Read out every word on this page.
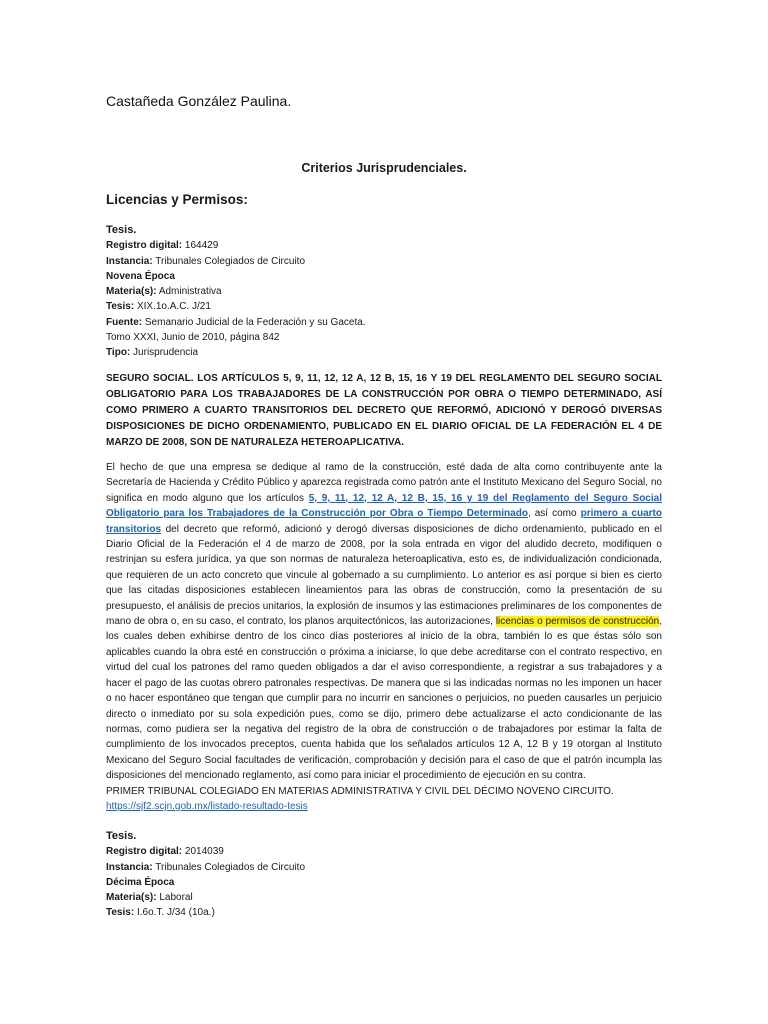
Castañeda González Paulina.
Criterios Jurisprudenciales.
Licencias y Permisos:
Tesis.
Registro digital: 164429
Instancia: Tribunales Colegiados de Circuito
Novena Época
Materia(s): Administrativa
Tesis: XIX.1o.A.C. J/21
Fuente: Semanario Judicial de la Federación y su Gaceta.
Tomo XXXI, Junio de 2010, página 842
Tipo: Jurisprudencia
SEGURO SOCIAL. LOS ARTÍCULOS 5, 9, 11, 12, 12 A, 12 B, 15, 16 Y 19 DEL REGLAMENTO DEL SEGURO SOCIAL OBLIGATORIO PARA LOS TRABAJADORES DE LA CONSTRUCCIÓN POR OBRA O TIEMPO DETERMINADO, ASÍ COMO PRIMERO A CUARTO TRANSITORIOS DEL DECRETO QUE REFORMÓ, ADICIONÓ Y DEROGÓ DIVERSAS DISPOSICIONES DE DICHO ORDENAMIENTO, PUBLICADO EN EL DIARIO OFICIAL DE LA FEDERACIÓN EL 4 DE MARZO DE 2008, SON DE NATURALEZA HETEROAPLICATIVA.
El hecho de que una empresa se dedique al ramo de la construcción, esté dada de alta como contribuyente ante la Secretaría de Hacienda y Crédito Público y aparezca registrada como patrón ante el Instituto Mexicano del Seguro Social, no significa en modo alguno que los artículos 5, 9, 11, 12, 12 A, 12 B, 15, 16 y 19 del Reglamento del Seguro Social Obligatorio para los Trabajadores de la Construcción por Obra o Tiempo Determinado, así como primero a cuarto transitorios del decreto que reformó, adicionó y derogó diversas disposiciones de dicho ordenamiento, publicado en el Diario Oficial de la Federación el 4 de marzo de 2008, por la sola entrada en vigor del aludido decreto, modifiquen o restrinjan su esfera jurídica, ya que son normas de naturaleza heteroaplicativa, esto es, de individualización condicionada, que requieren de un acto concreto que vincule al gobernado a su cumplimiento. Lo anterior es así porque si bien es cierto que las citadas disposiciones establecen lineamientos para las obras de construcción, como la presentación de su presupuesto, el análisis de precios unitarios, la explosión de insumos y las estimaciones preliminares de los componentes de mano de obra o, en su caso, el contrato, los planos arquitectónicos, las autorizaciones, licencias o permisos de construcción, los cuales deben exhibirse dentro de los cinco días posteriores al inicio de la obra, también lo es que éstas sólo son aplicables cuando la obra esté en construcción o próxima a iniciarse, lo que debe acreditarse con el contrato respectivo, en virtud del cual los patrones del ramo queden obligados a dar el aviso correspondiente, a registrar a sus trabajadores y a hacer el pago de las cuotas obrero patronales respectivas. De manera que si las indicadas normas no les imponen un hacer o no hacer espontáneo que tengan que cumplir para no incurrir en sanciones o perjuicios, no pueden causarles un perjuicio directo o inmediato por su sola expedición pues, como se dijo, primero debe actualizarse el acto condicionante de las normas, como pudiera ser la negativa del registro de la obra de construcción o de trabajadores por estimar la falta de cumplimiento de los invocados preceptos, cuenta habida que los señalados artículos 12 A, 12 B y 19 otorgan al Instituto Mexicano del Seguro Social facultades de verificación, comprobación y decisión para el caso de que el patrón incumpla las disposiciones del mencionado reglamento, así como para iniciar el procedimiento de ejecución en su contra.
PRIMER TRIBUNAL COLEGIADO EN MATERIAS ADMINISTRATIVA Y CIVIL DEL DÉCIMO NOVENO CIRCUITO.
https://sjf2.scjn.gob.mx/listado-resultado-tesis
Tesis.
Registro digital: 2014039
Instancia: Tribunales Colegiados de Circuito
Décima Época
Materia(s): Laboral
Tesis: I.6o.T. J/34 (10a.)
